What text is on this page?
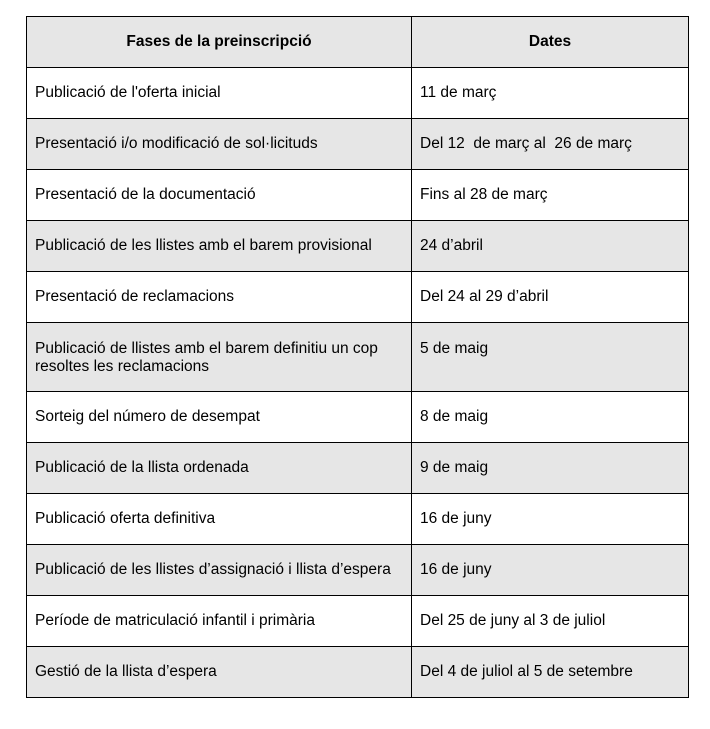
Fases de la preinscripció	Dates
Publicació de l'oferta inicial	11 de març
Presentació i/o modificació de sol·licituds	Del 12  de març al  26 de març
Presentació de la documentació	Fins al 28 de març
Publicació de les llistes amb el barem provisional	24 d’abril
Presentació de reclamacions	Del 24 al 29 d’abril
Publicació de llistes amb el barem definitiu un cop resoltes les reclamacions	5 de maig
Sorteig del número de desempat	8 de maig
Publicació de la llista ordenada	9 de maig
Publicació oferta definitiva	16 de juny
Publicació de les llistes d’assignació i llista d’espera	16 de juny
Període de matriculació infantil i primària	Del 25 de juny al 3 de juliol
Gestió de la llista d’espera	Del 4 de juliol al 5 de setembre
